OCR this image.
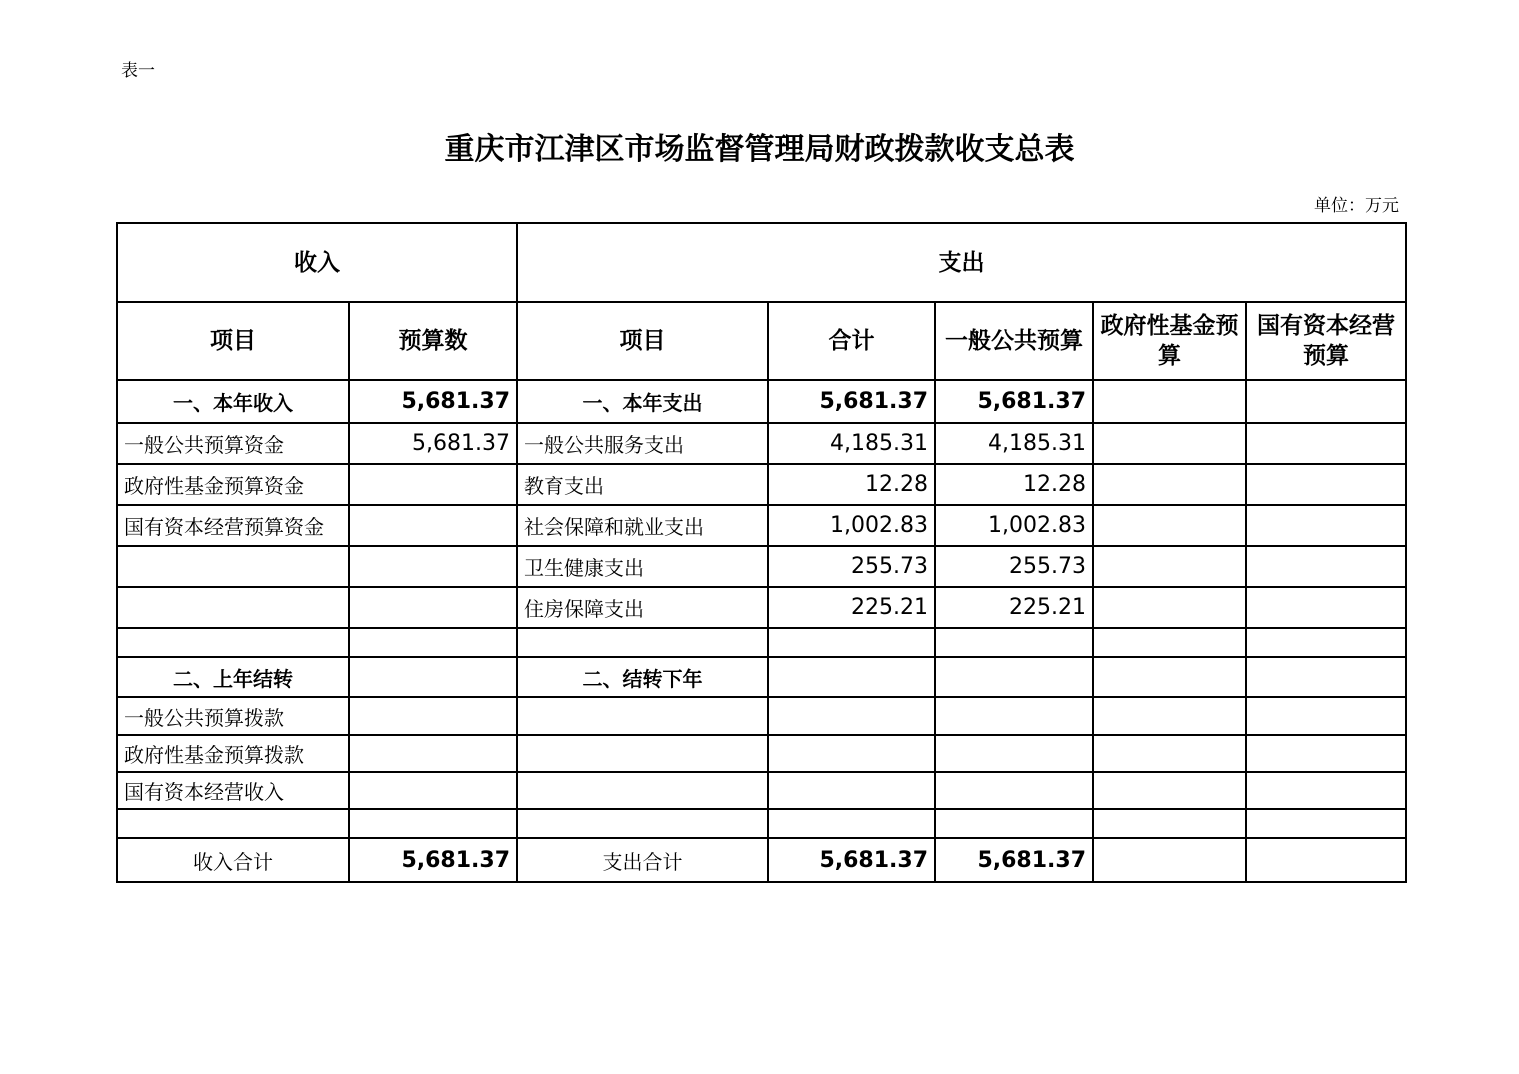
表一
重庆市江津区市场监督管理局财政拨款收支总表
单位：万元
收入		支出				
项目	预算数	项目	合计	一般公共预算	政府性基金预算	国有资本经营预算
一、本年收入	5,681.37	一、本年支出	5,681.37	5,681.37		
一般公共预算资金	5,681.37	一般公共服务支出	4,185.31	4,185.31		
政府性基金预算资金		教育支出	12.28	12.28		
国有资本经营预算资金		社会保障和就业支出	1,002.83	1,002.83		
		卫生健康支出	255.73	255.73		
		住房保障支出	225.21	225.21		

二、上年结转		二、结转下年				
一般公共预算拨款						
政府性基金预算拨款						
国有资本经营收入						

收入合计	5,681.37	支出合计	5,681.37	5,681.37		
